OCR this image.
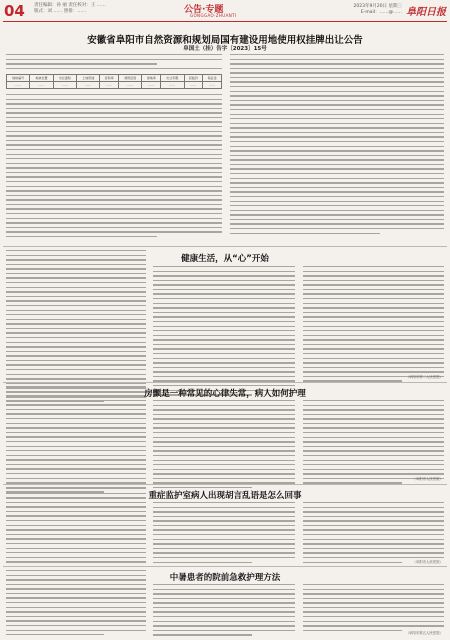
04 责任编辑：孙 丽 责任校对：王 ……
版式：刘 …… 照排：……	公告·专题
GONGGAO·ZHUANTI
2023年9月20日 星期三
E-mail：……@…… 阜阳日报
安徽省阜阳市自然资源和规划局国有建设用地使用权挂牌出让公告
阜国土（挂）告字〔2023〕15号
地块编号	地块位置	出让面积	土地用途	容积率	建筑密度	绿地率	出让年限	起始价	保证金
……	……	……	……	……	……	……	……	……	……
健康生活，从“心”开始
（阜阳市第二人民医院）
房颤是一种常见的心律失常，病人如何护理
（阜阳市人民医院）
重症监护室病人出现胡言乱语是怎么回事
（阜阳市人民医院）
中暑患者的院前急救护理方法
（阜阳市第五人民医院）
